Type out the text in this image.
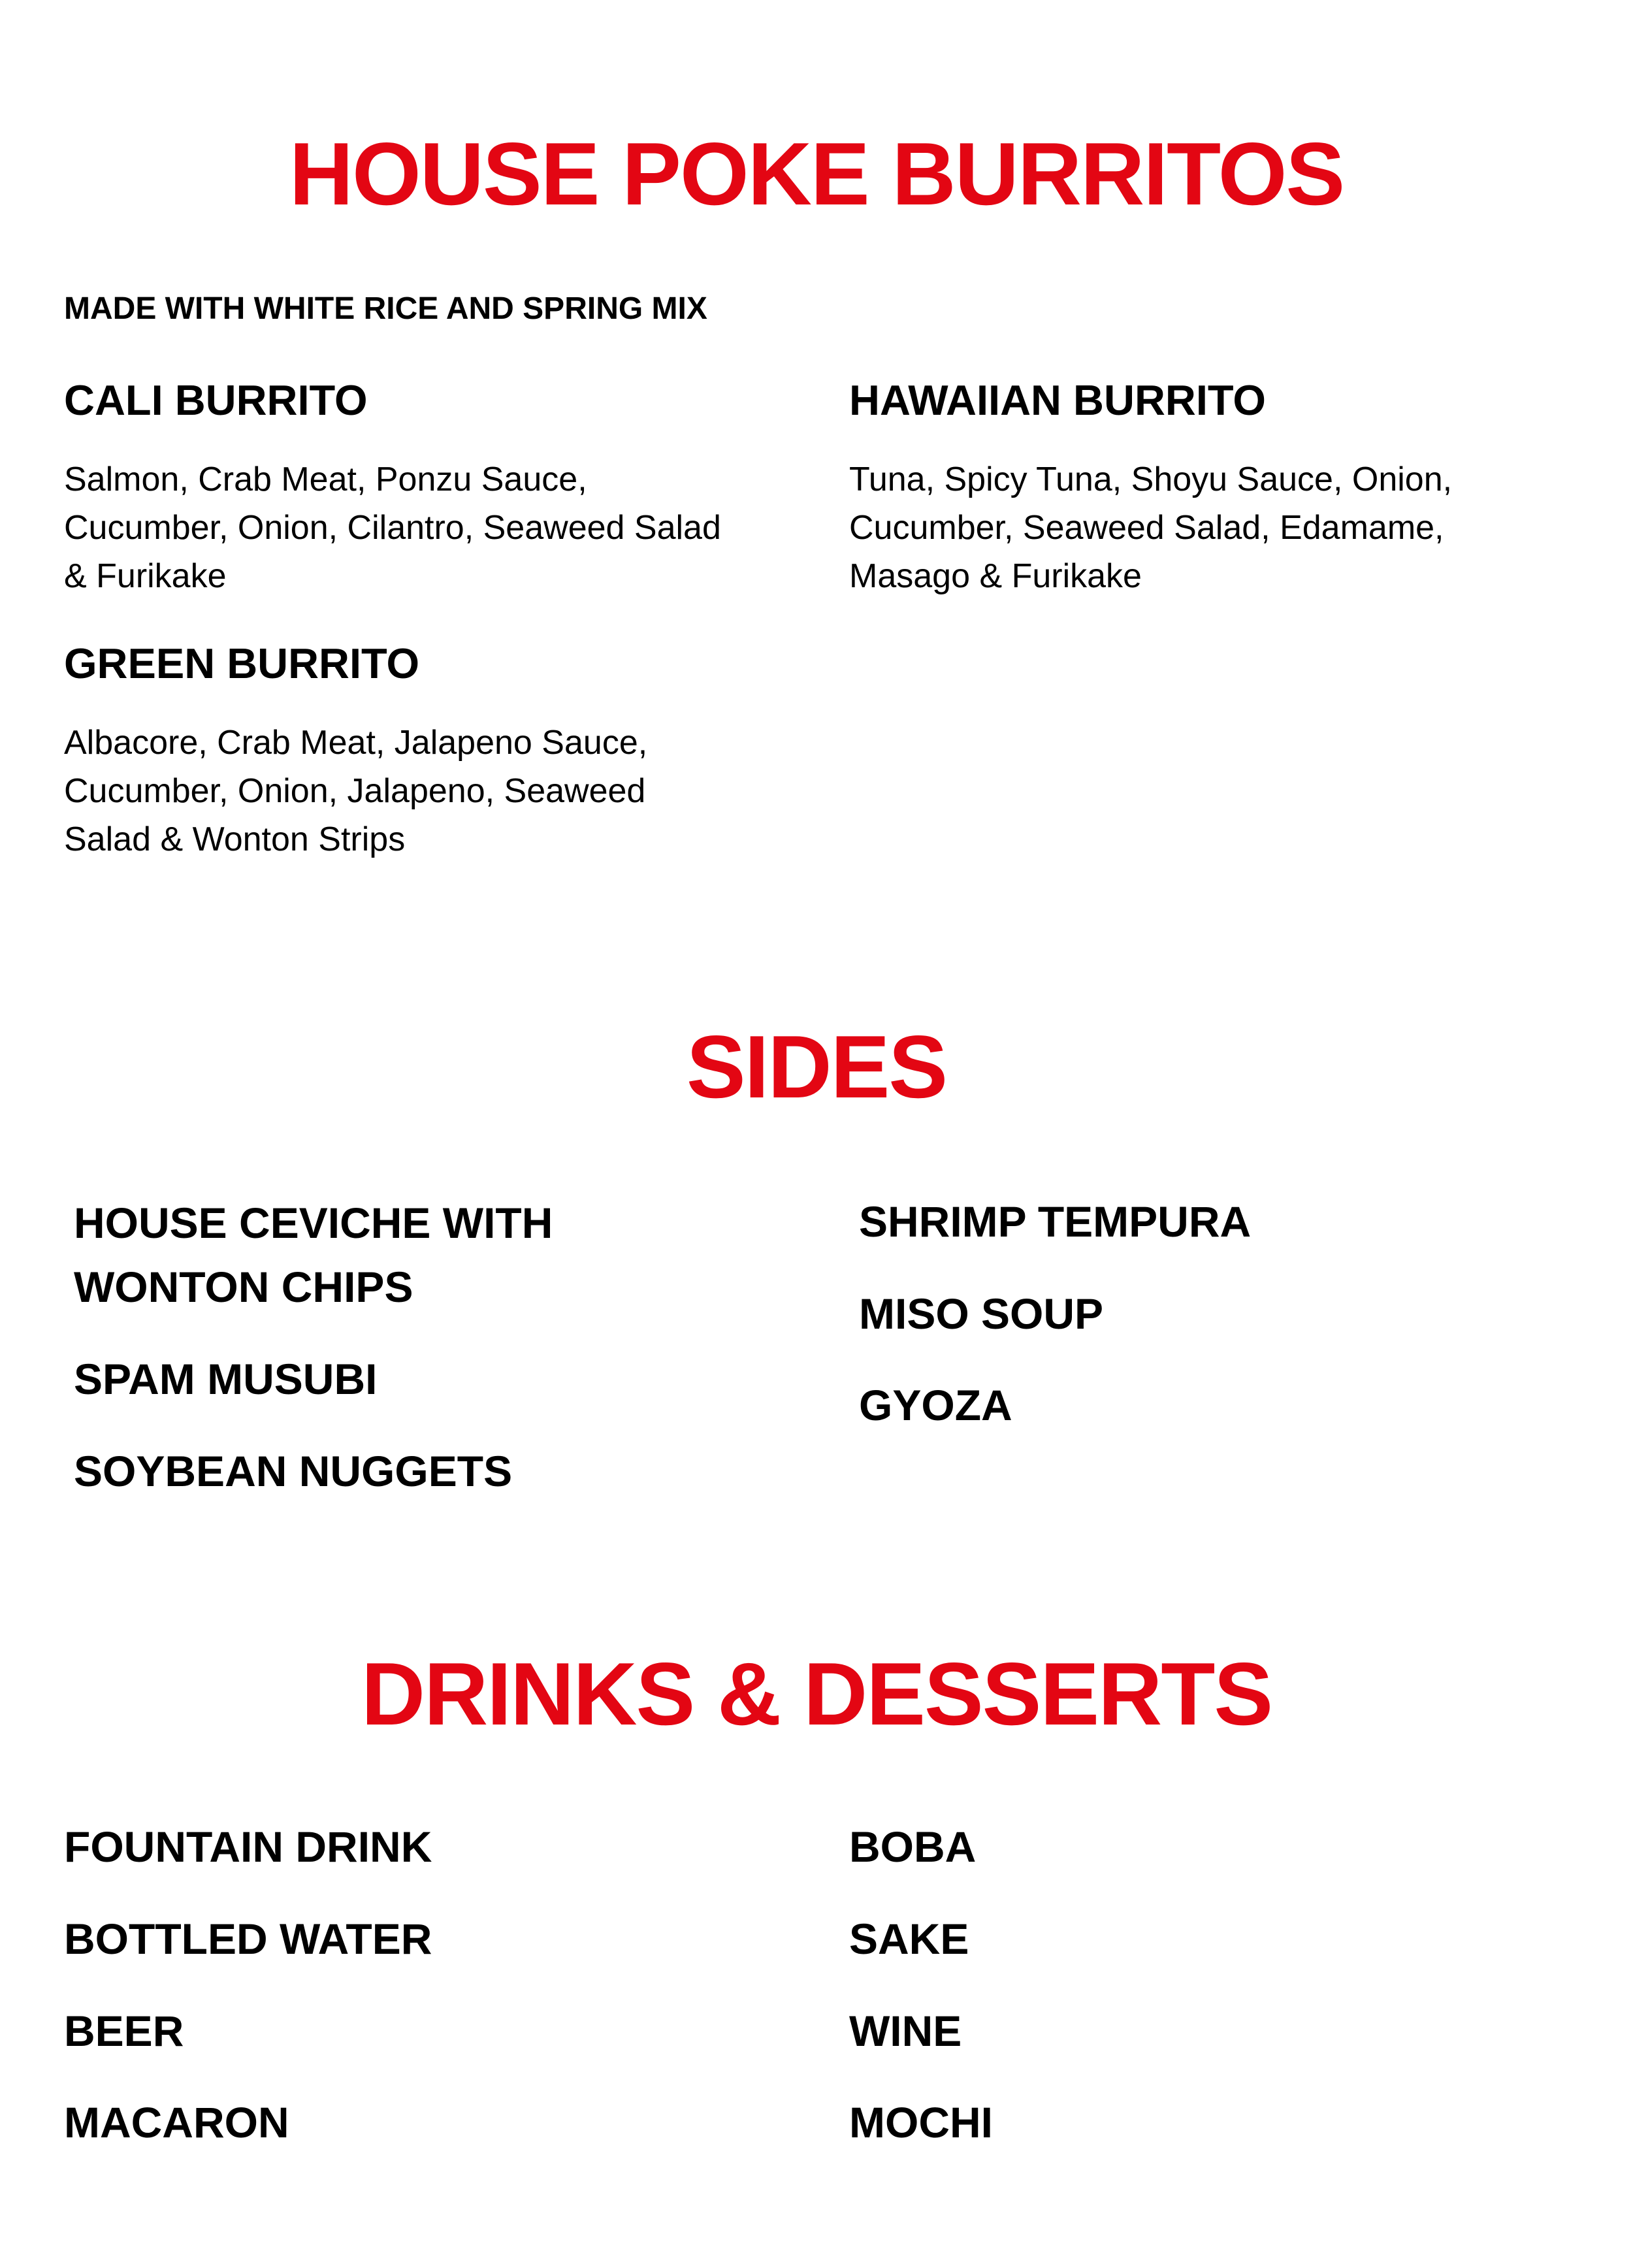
HOUSE POKE BURRITOS
MADE WITH WHITE RICE AND SPRING MIX
CALI BURRITO
Salmon, Crab Meat, Ponzu Sauce,
Cucumber, Onion, Cilantro, Seaweed Salad
& Furikake
HAWAIIAN BURRITO
Tuna, Spicy Tuna, Shoyu Sauce, Onion,
Cucumber, Seaweed Salad, Edamame,
Masago & Furikake
GREEN BURRITO
Albacore, Crab Meat, Jalapeno Sauce,
Cucumber, Onion, Jalapeno, Seaweed
Salad & Wonton Strips
SIDES
HOUSE CEVICHE WITH
WONTON CHIPS
SPAM MUSUBI
SOYBEAN NUGGETS
SHRIMP TEMPURA
MISO SOUP
GYOZA
DRINKS & DESSERTS
FOUNTAIN DRINK
BOTTLED WATER
BEER
MACARON
BOBA
SAKE
WINE
MOCHI
